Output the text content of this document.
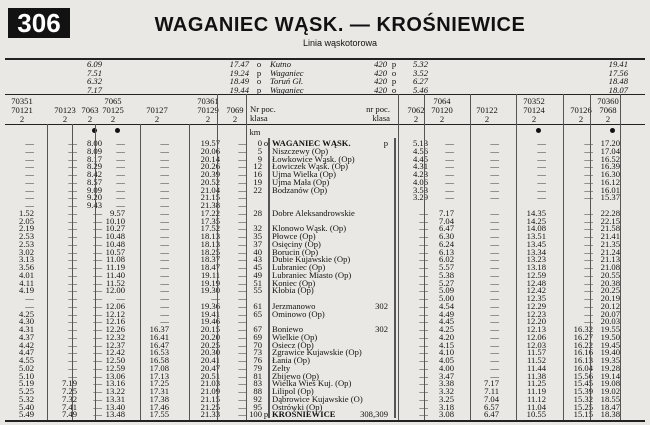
306	WAGANIEC WĄSK. — KROŚNIEWICE
Linia wąskotorowa
6.09	17.47 o	Kutno	420 p	5.32	19.41
7.51	19.24 p	Waganiec	420 o	3.52	17.56
6.32	18.49 o	Toruń Gł.	420 p	6.27	18.48
7.17	19.44 p	Waganiec	420 o	5.46	18.07
70351	7065	70361
70121	70123 7063 70125	70127	70129 7069
2	2	2	2	2	2	2
7064	70352	70360
7062 70120	70122	70124	70126 7068
2	2	2	2	2	2
Nr poc.
klasa
nr poc.
klasa
km
—	—	8.00	—	—	19.57	—	0 o WAGANIEC WĄSK.	p	5.13	—	—	—	— 17.20
—	—	8.09	—	—	20.06	—	5 Niszczewy (Op)	4.56	—	—	—	— 17.04
—	—	8.17	—	—	20.14	—	9 Łowkowice Wąsk. (Op)	4.45	—	—	—	— 16.52
—	—	8.29	—	—	20.26	— 12 Łowiczek Wąsk. (Op)	4.31	—	—	—	— 16.39
—	—	8.42	—	—	20.39	— 16 Ujma Wielka (Op)	4.23	—	—	—	— 16.30
—	—	8.57	—	—	20.52	— 19 Ujma Mała (Op)	4.06	—	—	—	— 16.12
—	—	9.09	—	—	21.04	— 22 Bodzanów (Op)	3.53	—	—	—	— 16.01
—	—	9.20	—	—	21.15	—	3.29	—	—	—	— 15.37
—	—	9.43	—	—	21.38	—
1.52	—	— 9.57	—	17.22	— 28 Dobre Aleksandrowskie	—	7.17	—	14.35	— 22.28
2.05	—	— 10.10	—	17.35	—	—	7.04	—	14.25	— 22.15
2.19	—	— 10.27	—	17.52	— 32 Klonowo Wąsk. (Op)	—	6.47	—	14.08	— 21.58
2.53	—	— 10.48	—	18.13	— 35 Płowce (Op)	—	6.30	—	13.51	— 21.41
2.53	—	— 10.48	—	18.13	— 37 Osięciny (Op)	—	6.24	—	13.45	— 21.35
3.02	—	— 10.57	—	18.25	— 40 Borucin (Op)	—	6.13	—	13.34	— 21.24
3.13	—	— 11.08	—	18.37	— 43 Dubie Kujawskie (Op)	—	6.02	—	13.23	— 21.13
3.56	—	— 11.19	—	18.47	— 45 Lubraniec (Op)	—	5.57	—	13.18	— 21.08
4.01	—	— 11.40	—	19.11	— 49 Lubraniec Miasto (Op)	—	5.38	—	12.59	— 20.55
4.11	—	— 11.52	—	19.19	— 51 Koniec (Op)	—	5.27	—	12.48	— 20.38
4.19	—	— 12.00	—	19.30	— 55 Kłobia (Op)	—	5.09	—	12.42	— 20.25
—	—	—	—	—	—	—	—	5.00	—	12.35	— 20.19
—	—	— 12.06	—	19.36	— 61 Jerzmanowo	302	—	4.54	—	12.29	— 20.12
4.25	—	— 12.12	—	19.41	— 65 Ominowo (Op)	—	4.49	—	12.23	— 20.07
4.30	—	— 12.16	—	19.46	—	—	4.45	—	12.20	— 20.03
4.31	—	— 12.26	16.37	20.15	— 67 Boniewo	302	—	4.25	—	12.13	16.32 19.55
4.37	—	— 12.32	16.41	20.20	— 69 Wielkie (Op)	—	4.20	—	12.06	16.27 19.50
4.42	—	— 12.37	16.47	20.25	— 70 Osiecz (Op)	—	4.15	—	12.03	16.22 19.45
4.47	—	— 12.42	16.53	20.30	— 73 Zgrawice Kujawskie (Op)	—	4.10	—	11.57	16.16 19.40
4.55	—	— 12.50	16.58	20.41	— 76 Łania (Op)	—	4.05	—	11.52	16.13 19.35
5.02	—	— 12.59	17.08	20.47	— 79 Zelty	—	4.00	—	11.44	16.04 19.28
5.10	—	— 13.06	17.13	20.51	— 81 Zbijewo (Op)	—	3.47	—	11.38	15.56 19.14
5.19	7.19	— 13.16	17.25	21.03	— 83 Wielka Wieś Kuj. (Op)	—	3.38	7.17	11.25	15.45 19.08
5.25	7.25	— 13.22	17.31	21.09	— 88 Lilipol (Op)	—	3.32	7.11	11.19	15.39 19.02
5.32	7.32	— 13.31	17.38	21.15	— 92 Dąbrowice Kujawskie (O)	—	3.25	7.04	11.12	15.32 18.55
5.40	7.41	— 13.40	17.46	21.25	— 95 Ostrówki (Op)	—	3.18	6.57	11.04	15.25 18.47
5.49	7.49	— 13.48	17.55	21.33	— 100 p KROŚNIEWICE	308,309	—	3.08	6.47	10.55	15.15 18.38
